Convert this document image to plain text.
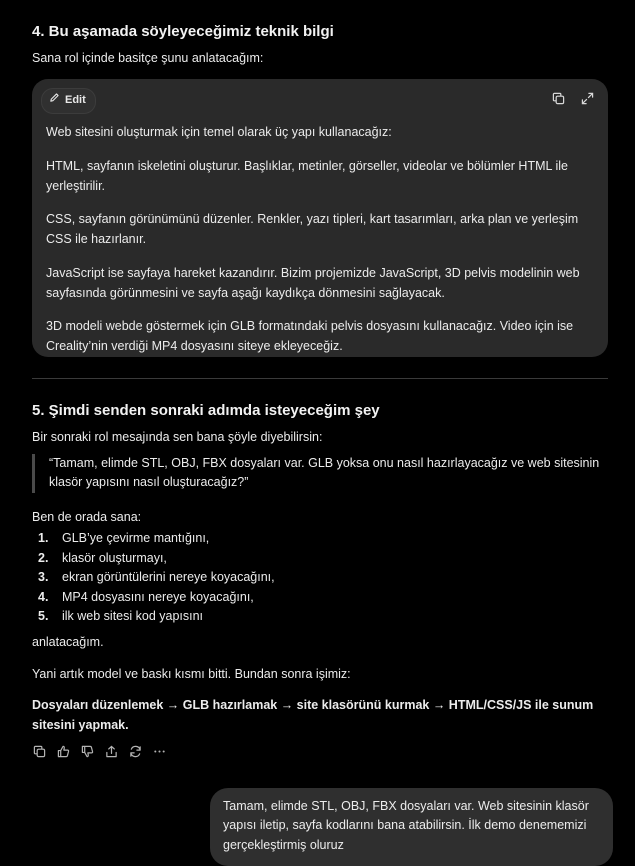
4. Bu aşamada söyleyeceğimiz teknik bilgi

Sana rol içinde basitçe şunu anlatacağım:

Edit

Web sitesini oluşturmak için temel olarak üç yapı kullanacağız:

HTML, sayfanın iskeletini oluşturur. Başlıklar, metinler, görseller, videolar ve bölümler HTML ile yerleştirilir.

CSS, sayfanın görünümünü düzenler. Renkler, yazı tipleri, kart tasarımları, arka plan ve yerleşim CSS ile hazırlanır.

JavaScript ise sayfaya hareket kazandırır. Bizim projemizde JavaScript, 3D pelvis modelinin web sayfasında görünmesini ve sayfa aşağı kaydıkça dönmesini sağlayacak.

3D modeli webde göstermek için GLB formatındaki pelvis dosyasını kullanacağız. Video için ise Creality’nin verdiği MP4 dosyasını siteye ekleyeceğiz.

5. Şimdi senden sonraki adımda isteyeceğim şey

Bir sonraki rol mesajında sen bana şöyle diyebilirsin:

“Tamam, elimde STL, OBJ, FBX dosyaları var. GLB yoksa onu nasıl hazırlayacağız ve web sitesinin klasör yapısını nasıl oluşturacağız?”

Ben de orada sana:

1.	GLB’ye çevirme mantığını,
2.	klasör oluşturmayı,
3.	ekran görüntülerini nereye koyacağını,
4.	MP4 dosyasını nereye koyacağını,
5.	ilk web sitesi kod yapısını

anlatacağım.

Yani artık model ve baskı kısmı bitti. Bundan sonra işimiz:

Dosyaları düzenlemek → GLB hazırlamak → site klasörünü kurmak → HTML/CSS/JS ile sunum sitesini yapmak.

Tamam, elimde STL, OBJ, FBX dosyaları var. Web sitesinin klasör yapısı iletip, sayfa kodlarını bana atabilirsin. İlk demo denememizi gerçekleştirmiş oluruz
